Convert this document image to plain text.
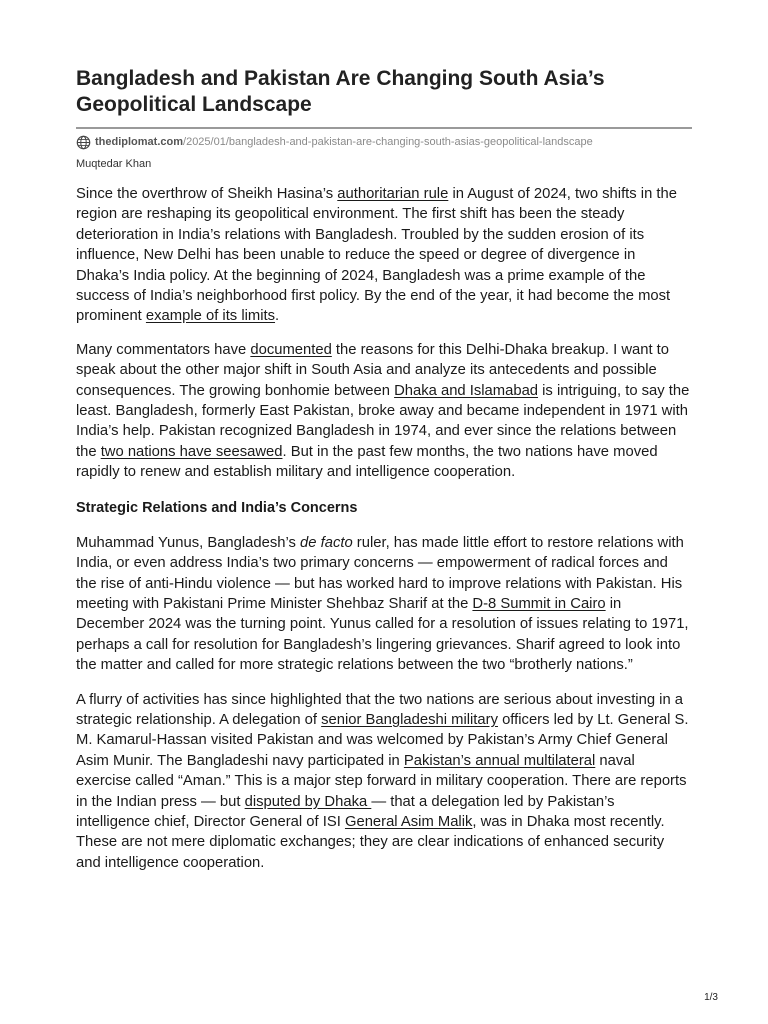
Bangladesh and Pakistan Are Changing South Asia’s Geopolitical Landscape
thediplomat.com/2025/01/bangladesh-and-pakistan-are-changing-south-asias-geopolitical-landscape
Muqtedar Khan

Since the overthrow of Sheikh Hasina’s authoritarian rule in August of 2024, two shifts in the region are reshaping its geopolitical environment. The first shift has been the steady deterioration in India’s relations with Bangladesh. Troubled by the sudden erosion of its influence, New Delhi has been unable to reduce the speed or degree of divergence in Dhaka’s India policy. At the beginning of 2024, Bangladesh was a prime example of the success of India’s neighborhood first policy. By the end of the year, it had become the most prominent example of its limits.

Many commentators have documented the reasons for this Delhi-Dhaka breakup. I want to speak about the other major shift in South Asia and analyze its antecedents and possible consequences. The growing bonhomie between Dhaka and Islamabad is intriguing, to say the least. Bangladesh, formerly East Pakistan, broke away and became independent in 1971 with India’s help. Pakistan recognized Bangladesh in 1974, and ever since the relations between the two nations have seesawed. But in the past few months, the two nations have moved rapidly to renew and establish military and intelligence cooperation.

Strategic Relations and India’s Concerns

Muhammad Yunus, Bangladesh’s de facto ruler, has made little effort to restore relations with India, or even address India’s two primary concerns — empowerment of radical forces and the rise of anti-Hindu violence — but has worked hard to improve relations with Pakistan. His meeting with Pakistani Prime Minister Shehbaz Sharif at the D-8 Summit in Cairo in December 2024 was the turning point. Yunus called for a resolution of issues relating to 1971, perhaps a call for resolution for Bangladesh’s lingering grievances. Sharif agreed to look into the matter and called for more strategic relations between the two “brotherly nations.”

A flurry of activities has since highlighted that the two nations are serious about investing in a strategic relationship. A delegation of senior Bangladeshi military officers led by Lt. General S. M. Kamarul-Hassan visited Pakistan and was welcomed by Pakistan’s Army Chief General Asim Munir. The Bangladeshi navy participated in Pakistan’s annual multilateral naval exercise called “Aman.” This is a major step forward in military cooperation. There are reports in the Indian press — but disputed by Dhaka — that a delegation led by Pakistan’s intelligence chief, Director General of ISI General Asim Malik, was in Dhaka most recently. These are not mere diplomatic exchanges; they are clear indications of enhanced security and intelligence cooperation.

1/3
